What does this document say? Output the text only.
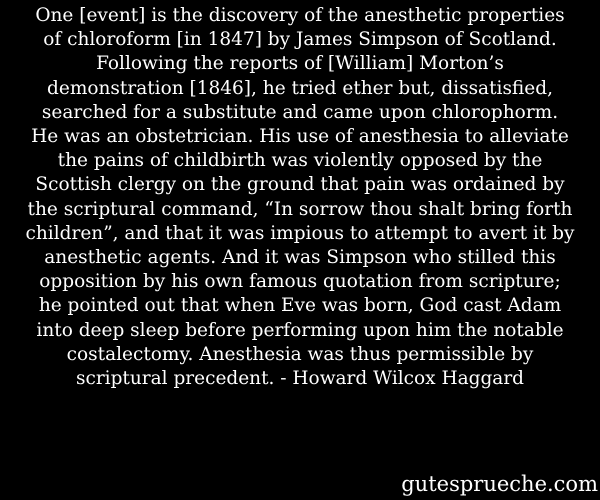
One [event] is the discovery of the anesthetic properties
of chloroform [in 1847] by James Simpson of Scotland.
Following the reports of [William] Morton’s
demonstration [1846], he tried ether but, dissatisfied,
searched for a substitute and came upon chlorophorm.
He was an obstetrician. His use of anesthesia to alleviate
the pains of childbirth was violently opposed by the
Scottish clergy on the ground that pain was ordained by
the scriptural command, “In sorrow thou shalt bring forth
children”, and that it was impious to attempt to avert it by
anesthetic agents. And it was Simpson who stilled this
opposition by his own famous quotation from scripture;
he pointed out that when Eve was born, God cast Adam
into deep sleep before performing upon him the notable
costalectomy. Anesthesia was thus permissible by
scriptural precedent. - Howard Wilcox Haggard
gutesprueche.com
